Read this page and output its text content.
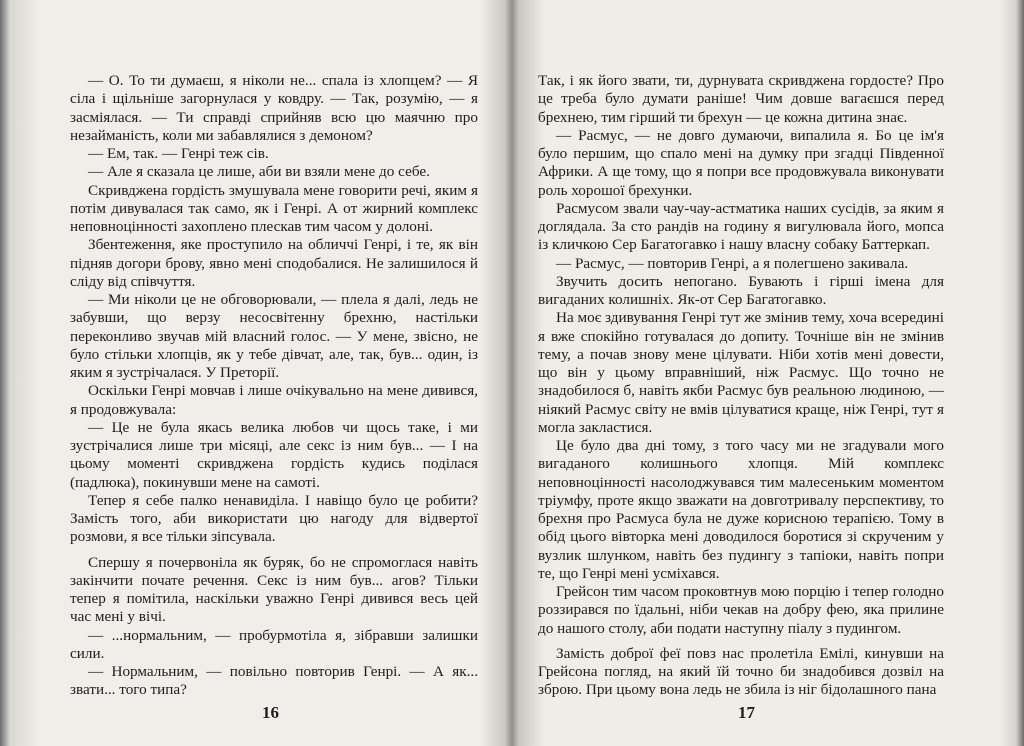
— О. То ти думаєш, я ніколи не... спала із хлопцем? — Я сіла і щільніше загорнулася у ковдру. — Так, розумію, — я засміялася. — Ти справді сприйняв всю цю маячню про незайманість, коли ми забавлялися з демоном?

— Ем, так. — Генрі теж сів.

— Але я сказала це лише, аби ви взяли мене до себе.

Скривджена гордість змушувала мене говорити речі, яким я потім дивувалася так само, як і Генрі. А от жирний комплекс неповноцінності захоплено плескав тим часом у долоні.

Збентеження, яке проступило на обличчі Генрі, і те, як він підняв догори брову, явно мені сподобалися. Не залишилося й сліду від співчуття.

— Ми ніколи це не обговорювали, — плела я далі, ледь не забувши, що верзу несосвітенну брехню, настільки переконливо звучав мій власний голос. — У мене, звісно, не було стільки хлопців, як у тебе дівчат, але, так, був... один, із яким я зустрічалася. У Преторії.

Оскільки Генрі мовчав і лише очікувально на мене дивився, я продовжувала:

— Це не була якась велика любов чи щось таке, і ми зустрічалися лише три місяці, але секс із ним був... — І на цьому моменті скривджена гордість кудись поділася (падлюка), покинувши мене на самоті.

Тепер я себе палко ненавиділа. І навіщо було це робити? Замість того, аби використати цю нагоду для відвертої розмови, я все тільки зіпсувала.

Спершу я почервоніла як буряк, бо не спромоглася навіть закінчити почате речення. Секс із ним був... агов? Тільки тепер я помітила, наскільки уважно Генрі дивився весь цей час мені у вічі.

— ...нормальним, — пробурмотіла я, зібравши залишки сили.

— Нормальним, — повільно повторив Генрі. — А як... звати... того типа?

16

Так, і як його звати, ти, дурнувата скривджена гордосте? Про це треба було думати раніше! Чим довше вагаєшся перед брехнею, тим гірший ти брехун — це кожна дитина знає.

— Расмус, — не довго думаючи, випалила я. Бо це ім'я було першим, що спало мені на думку при згадці Південної Африки. А ще тому, що я попри все продовжувала виконувати роль хорошої брехунки.

Расмусом звали чау-чау-астматика наших сусідів, за яким я доглядала. За сто рандів на годину я вигулювала його, мопса із кличкою Сер Багатогавко і нашу власну собаку Баттеркап.

— Расмус, — повторив Генрі, а я полегшено закивала.

Звучить досить непогано. Бувають і гірші імена для вигаданих колишніх. Як-от Сер Багатогавко.

На моє здивування Генрі тут же змінив тему, хоча всередині я вже спокійно готувалася до допиту. Точніше він не змінив тему, а почав знову мене цілувати. Ніби хотів мені довести, що він у цьому вправніший, ніж Расмус. Що точно не знадобилося б, навіть якби Расмус був реальною людиною, — ніякий Расмус світу не вмів цілуватися краще, ніж Генрі, тут я могла закластися.

Це було два дні тому, з того часу ми не згадували мого вигаданого колишнього хлопця. Мій комплекс неповноцінності насолоджувався тим малесеньким моментом тріумфу, проте якщо зважати на довготривалу перспективу, то брехня про Расмуса була не дуже корисною терапією. Тому в обід цього вівторка мені доводилося боротися зі скрученим у вузлик шлунком, навіть без пудингу з тапіоки, навіть попри те, що Генрі мені усміхався.

Грейсон тим часом проковтнув мою порцію і тепер голодно роззирався по їдальні, ніби чекав на добру фею, яка прилине до нашого столу, аби подати наступну піалу з пудингом.

Замість доброї феї повз нас пролетіла Емілі, кинувши на Грейсона погляд, на який їй точно би знадобився дозвіл на зброю. При цьому вона ледь не збила із ніг бідолашного пана

17
